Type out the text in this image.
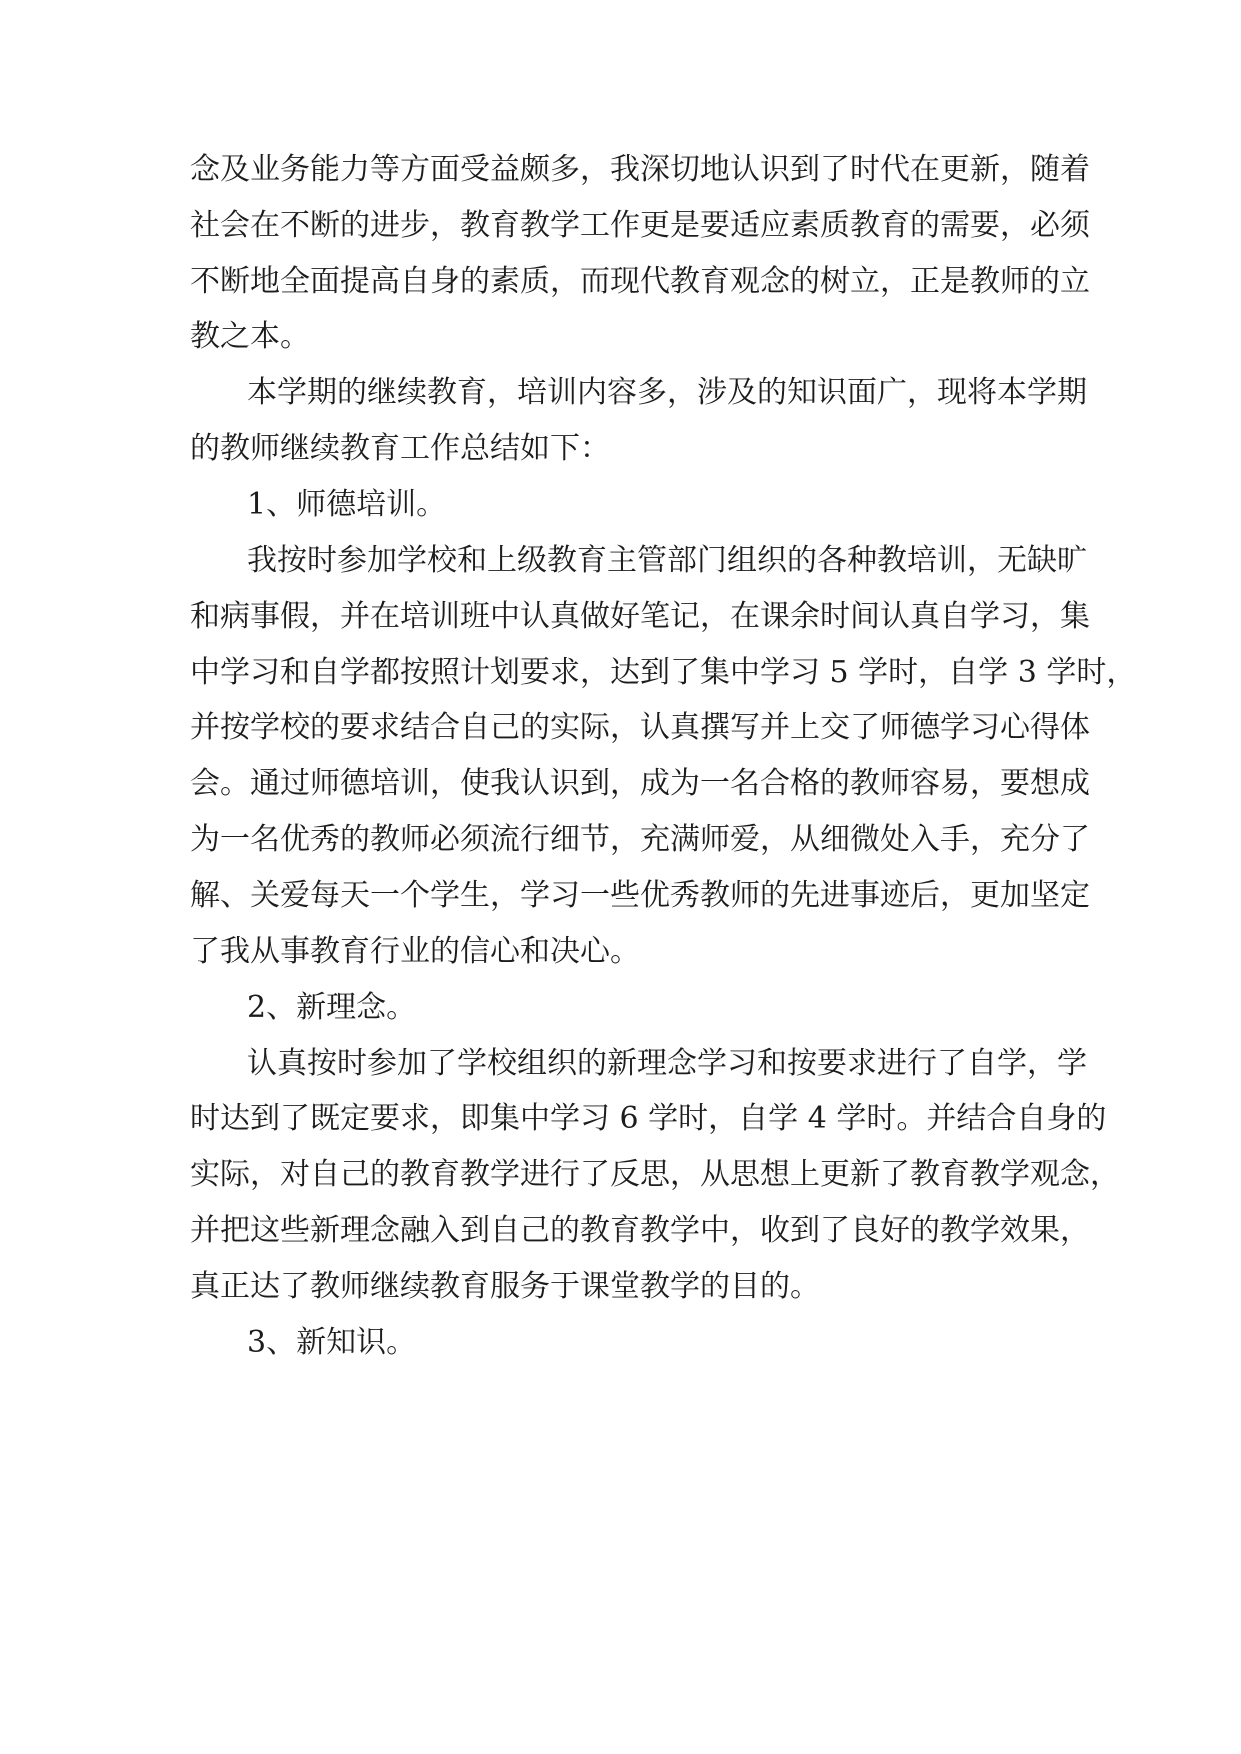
念及业务能力等方面受益颇多，我深切地认识到了时代在更新，随着
社会在不断的进步，教育教学工作更是要适应素质教育的需要，必须
不断地全面提高自身的素质，而现代教育观念的树立，正是教师的立
教之本。
本学期的继续教育，培训内容多，涉及的知识面广，现将本学期
的教师继续教育工作总结如下：
1、师德培训。
我按时参加学校和上级教育主管部门组织的各种教培训，无缺旷
和病事假，并在培训班中认真做好笔记，在课余时间认真自学习，集
中学习和自学都按照计划要求，达到了集中学习 5 学时，自学 3 学时，
并按学校的要求结合自己的实际，认真撰写并上交了师德学习心得体
会。通过师德培训，使我认识到，成为一名合格的教师容易，要想成
为一名优秀的教师必须流行细节，充满师爱，从细微处入手，充分了
解、关爱每天一个学生，学习一些优秀教师的先进事迹后，更加坚定
了我从事教育行业的信心和决心。
2、新理念。
认真按时参加了学校组织的新理念学习和按要求进行了自学，学
时达到了既定要求，即集中学习 6 学时，自学 4 学时。并结合自身的
实际，对自己的教育教学进行了反思，从思想上更新了教育教学观念，
并把这些新理念融入到自己的教育教学中，收到了良好的教学效果，
真正达了教师继续教育服务于课堂教学的目的。
3、新知识。
